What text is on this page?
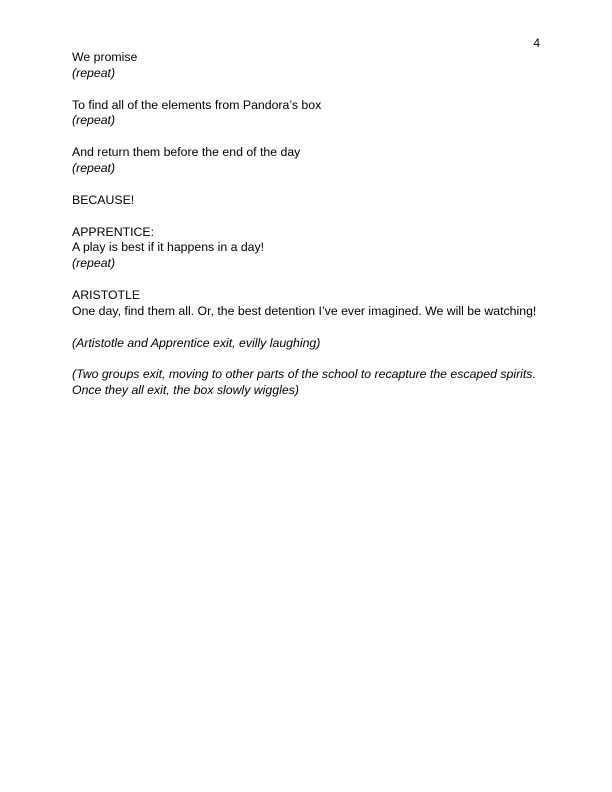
4

We promise

(repeat)

To find all of the elements from Pandora’s box

(repeat)

And return them before the end of the day

(repeat)

BECAUSE!

APPRENTICE:

A play is best if it happens in a day!

(repeat)

ARISTOTLE

One day, find them all. Or, the best detention I’ve ever imagined. We will be watching!

(Artistotle and Apprentice exit, evilly laughing)

(Two groups exit, moving to other parts of the school to recapture the escaped spirits.

Once they all exit, the box slowly wiggles)
